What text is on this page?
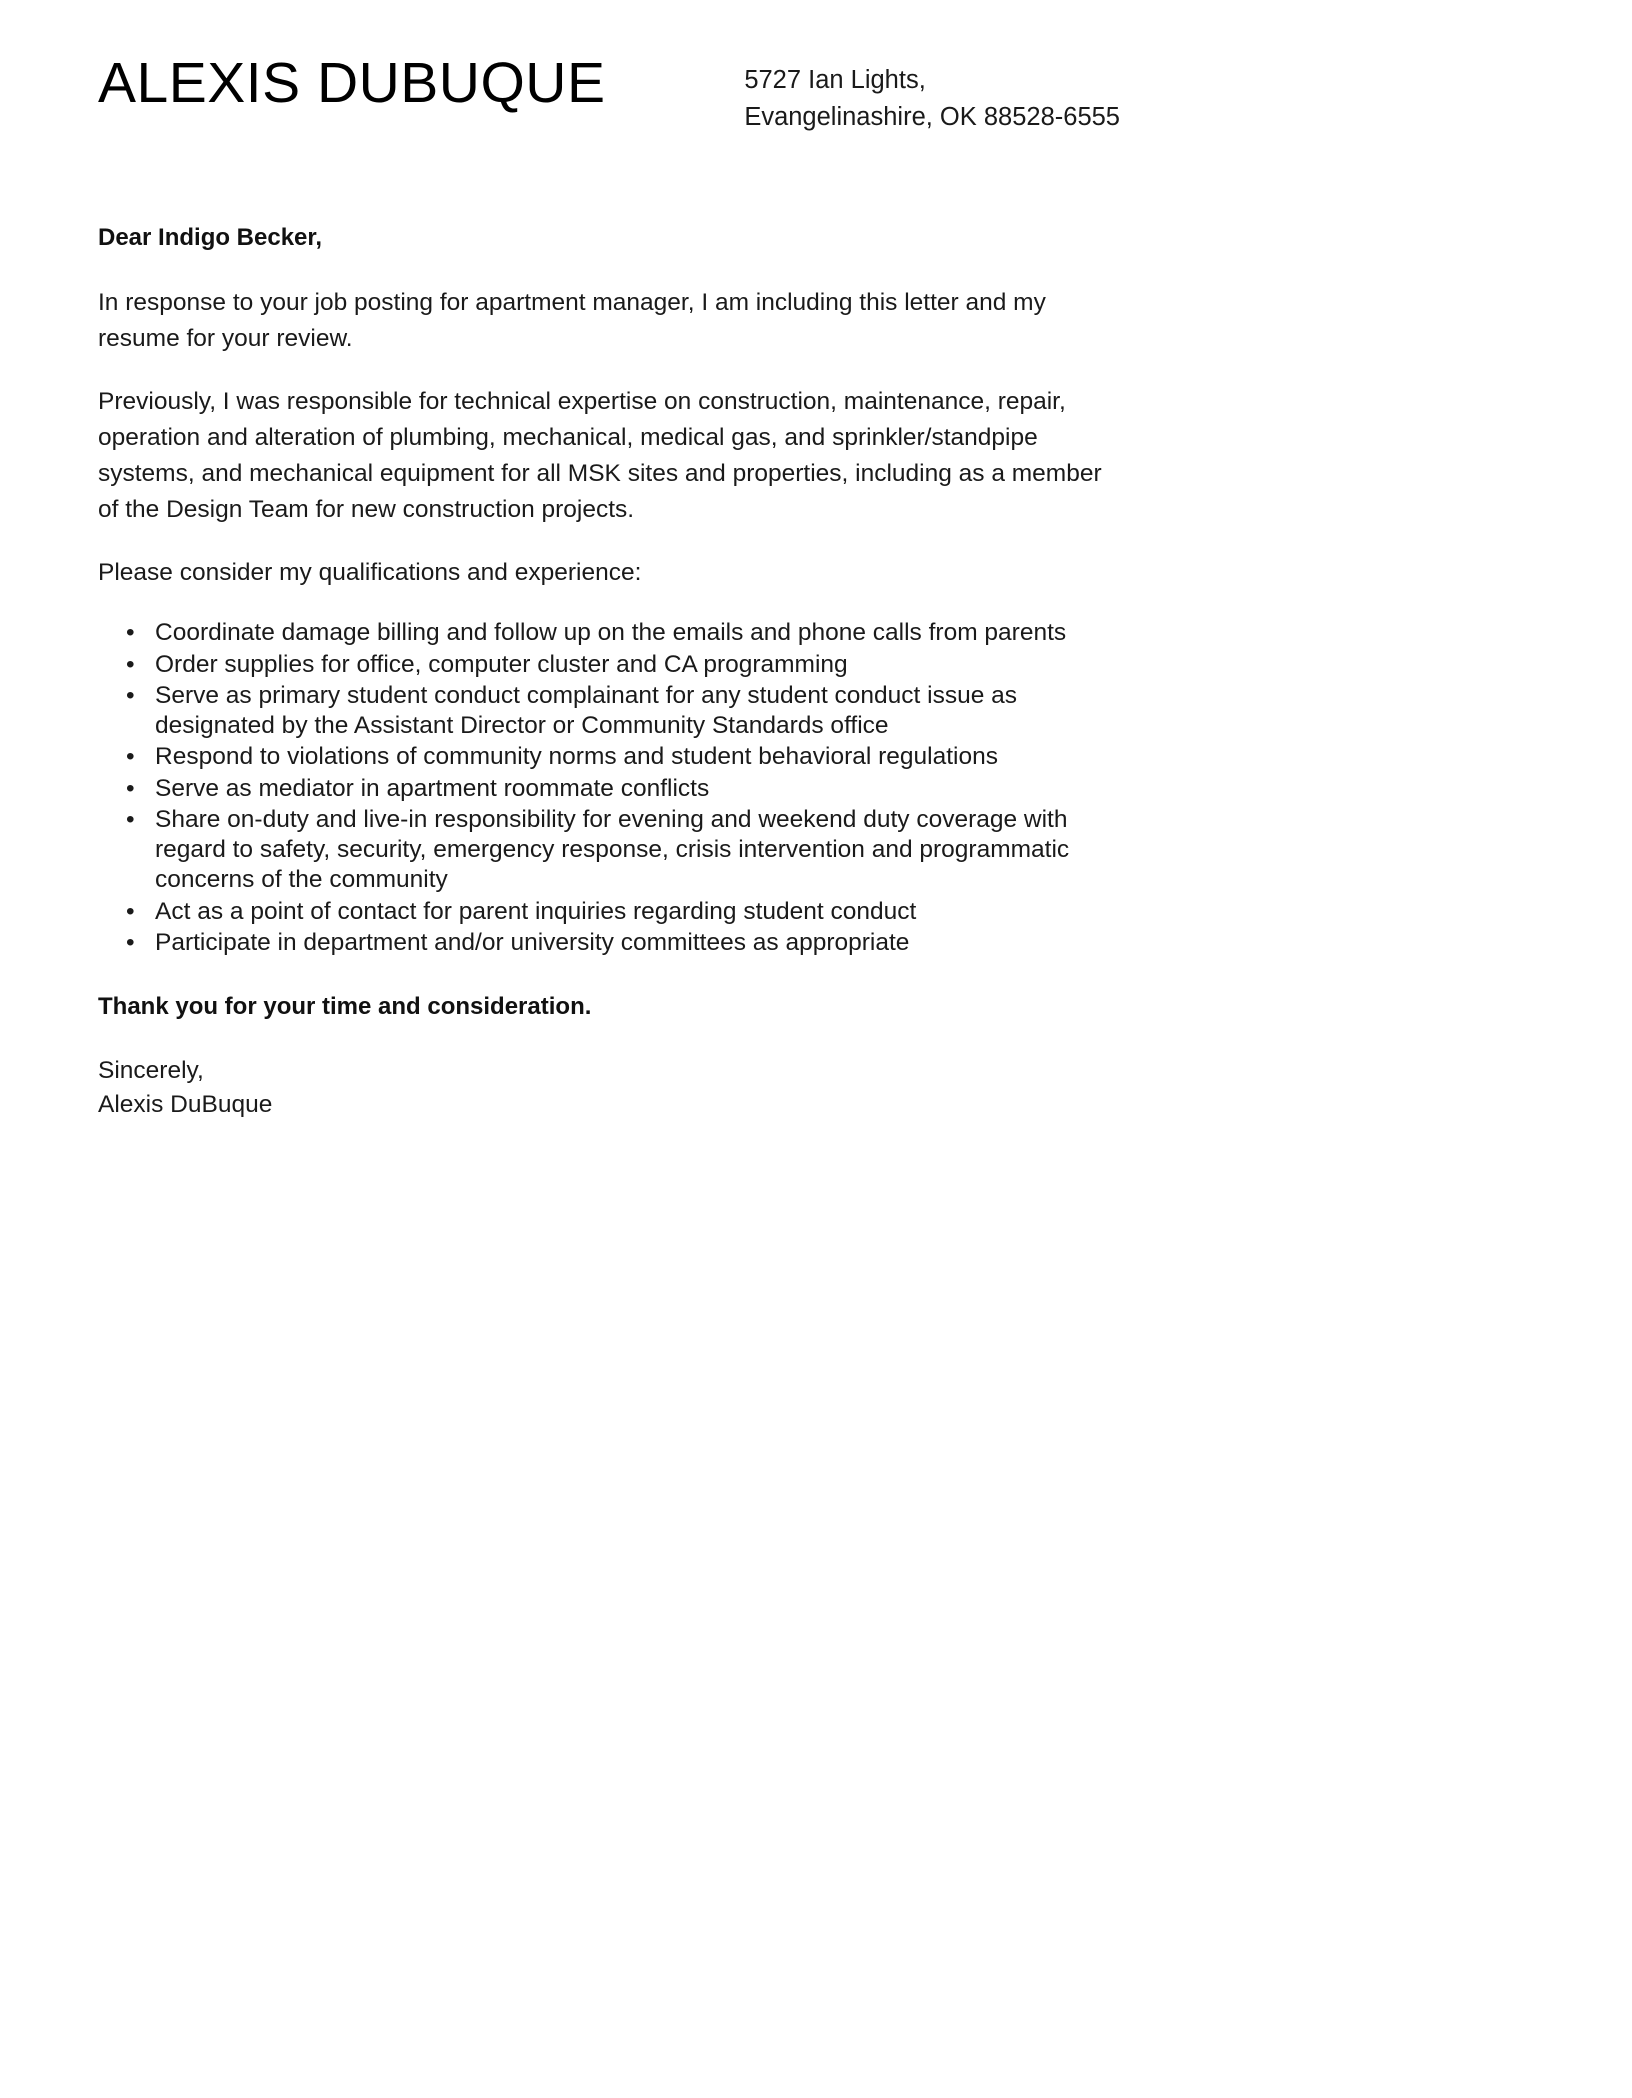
ALEXIS DUBUQUE	5727 Ian Lights,
Evangelinashire, OK 88528-6555

Dear Indigo Becker,

In response to your job posting for apartment manager, I am including this letter and my resume for your review.

Previously, I was responsible for technical expertise on construction, maintenance, repair, operation and alteration of plumbing, mechanical, medical gas, and sprinkler/standpipe systems, and mechanical equipment for all MSK sites and properties, including as a member of the Design Team for new construction projects.

Please consider my qualifications and experience:

• Coordinate damage billing and follow up on the emails and phone calls from parents
• Order supplies for office, computer cluster and CA programming
• Serve as primary student conduct complainant for any student conduct issue as designated by the Assistant Director or Community Standards office
• Respond to violations of community norms and student behavioral regulations
• Serve as mediator in apartment roommate conflicts
• Share on-duty and live-in responsibility for evening and weekend duty coverage with regard to safety, security, emergency response, crisis intervention and programmatic concerns of the community
• Act as a point of contact for parent inquiries regarding student conduct
• Participate in department and/or university committees as appropriate

Thank you for your time and consideration.

Sincerely,
Alexis DuBuque
